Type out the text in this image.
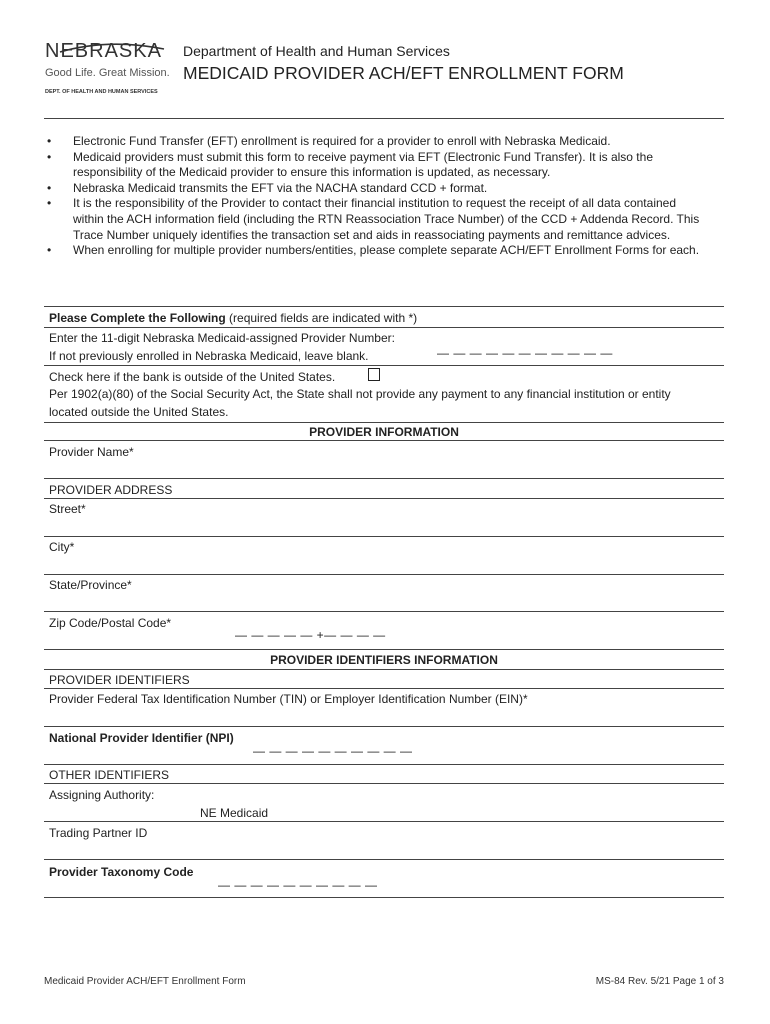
NEBRASKA
Good Life. Great Mission.
DEPT. OF HEALTH AND HUMAN SERVICES
Department of Health and Human Services
MEDICAID PROVIDER ACH/EFT ENROLLMENT FORM
• Electronic Fund Transfer (EFT) enrollment is required for a provider to enroll with Nebraska Medicaid.
• Medicaid providers must submit this form to receive payment via EFT (Electronic Fund Transfer). It is also the responsibility of the Medicaid provider to ensure this information is updated, as necessary.
• Nebraska Medicaid transmits the EFT via the NACHA standard CCD + format.
• It is the responsibility of the Provider to contact their financial institution to request the receipt of all data contained within the ACH information field (including the RTN Reassociation Trace Number) of the CCD + Addenda Record. This Trace Number uniquely identifies the transaction set and aids in reassociating payments and remittance advices.
• When enrolling for multiple provider numbers/entities, please complete separate ACH/EFT Enrollment Forms for each.
Please Complete the Following (required fields are indicated with *)
Enter the 11-digit Nebraska Medicaid-assigned Provider Number:
If not previously enrolled in Nebraska Medicaid, leave blank.	— — — — — — — — — — —
Check here if the bank is outside of the United States.
Per 1902(a)(80) of the Social Security Act, the State shall not provide any payment to any financial institution or entity
located outside the United States.
PROVIDER INFORMATION
Provider Name*
PROVIDER ADDRESS
Street*
City*
State/Province*
Zip Code/Postal Code*
— — — — — +— — — —
PROVIDER IDENTIFIERS INFORMATION
PROVIDER IDENTIFIERS
Provider Federal Tax Identification Number (TIN) or Employer Identification Number (EIN)*
National Provider Identifier (NPI)
— — — — — — — — — —
OTHER IDENTIFIERS
Assigning Authority:
NE Medicaid
Trading Partner ID
Provider Taxonomy Code
— — — — — — — — — —
Medicaid Provider ACH/EFT Enrollment Form	MS-84 Rev. 5/21 Page 1 of 3
